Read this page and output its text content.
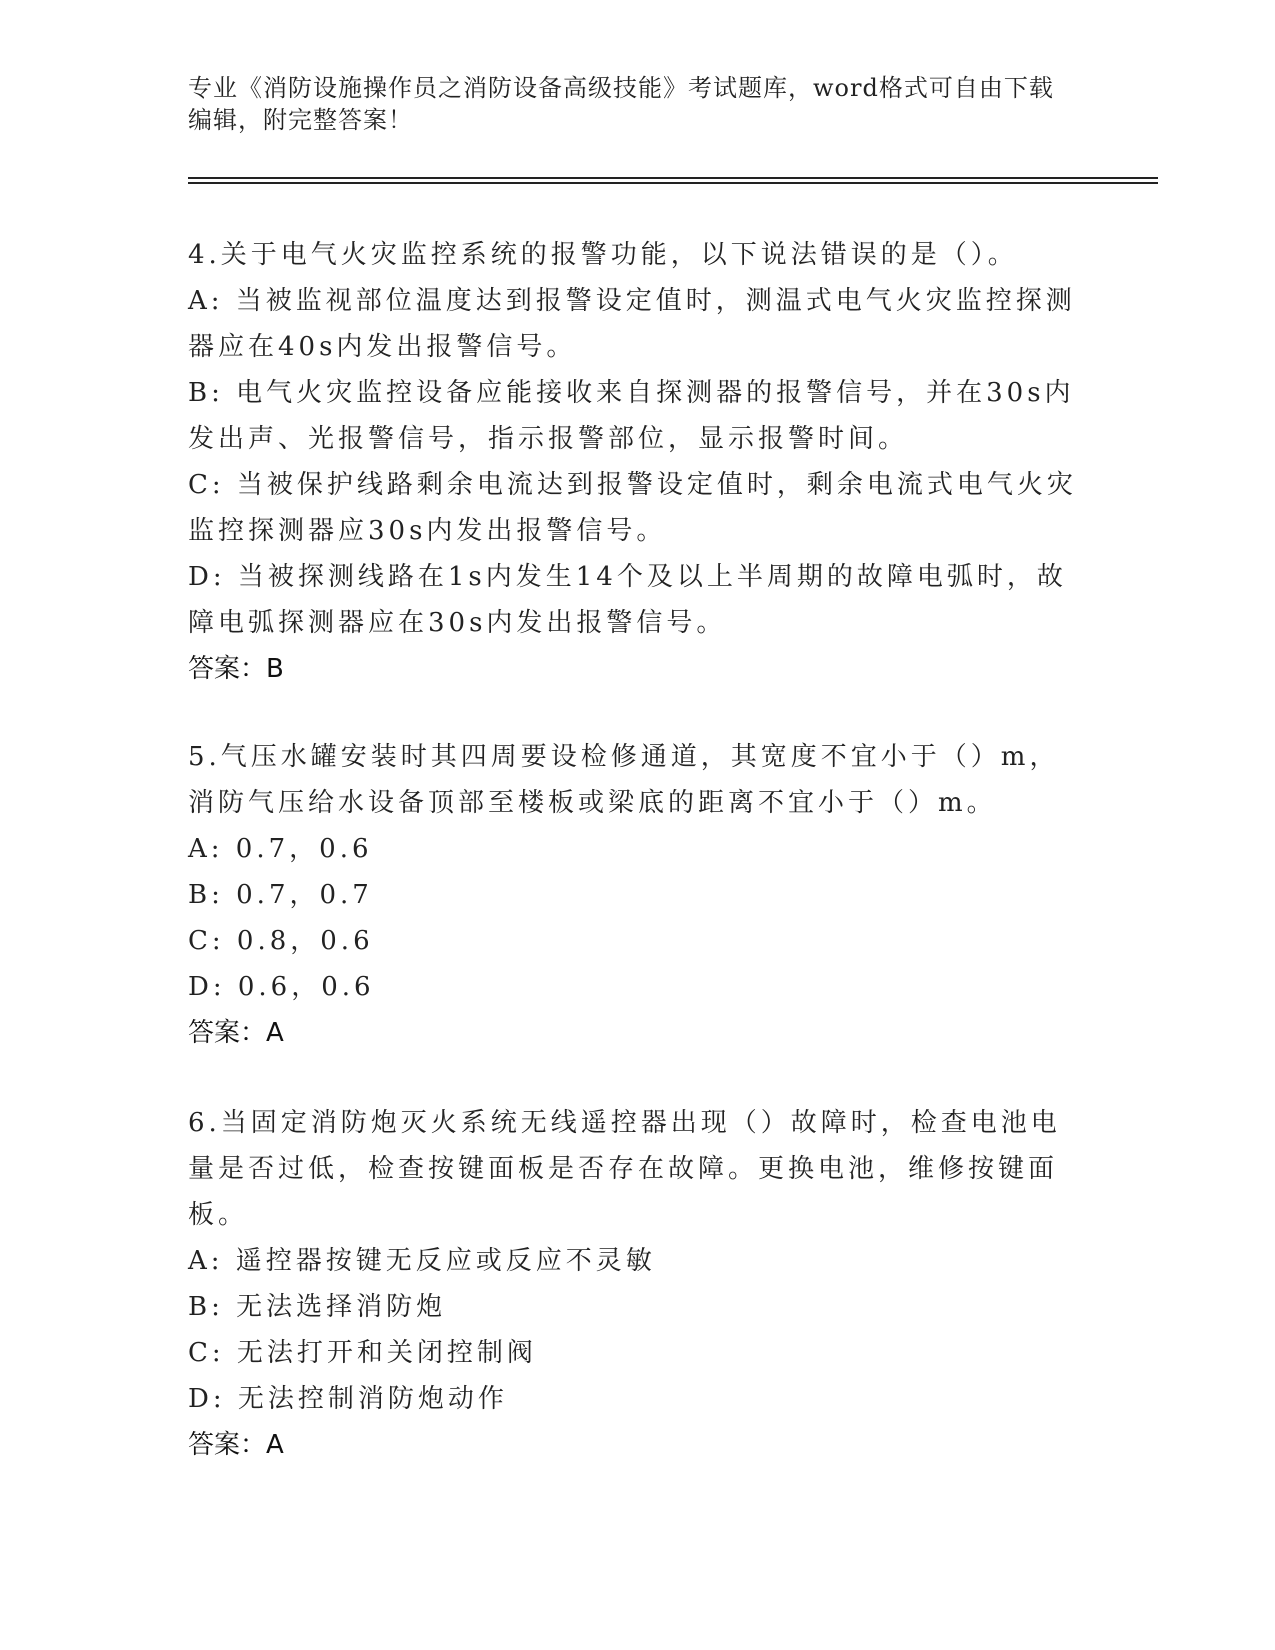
专业《消防设施操作员之消防设备高级技能》考试题库，word格式可自由下载编辑，附完整答案！
4.关于电气火灾监控系统的报警功能，以下说法错误的是（）。
A: 当被监视部位温度达到报警设定值时，测温式电气火灾监控探测器应在40s内发出报警信号。
B: 电气火灾监控设备应能接收来自探测器的报警信号，并在30s内发出声、光报警信号，指示报警部位，显示报警时间。
C: 当被保护线路剩余电流达到报警设定值时，剩余电流式电气火灾监控探测器应30s内发出报警信号。
D: 当被探测线路在1s内发生14个及以上半周期的故障电弧时，故障电弧探测器应在30s内发出报警信号。
答案：B
5.气压水罐安装时其四周要设检修通道，其宽度不宜小于（）m，消防气压给水设备顶部至楼板或梁底的距离不宜小于（）m。
A: 0.7，0.6
B: 0.7，0.7
C: 0.8，0.6
D: 0.6，0.6
答案：A
6.当固定消防炮灭火系统无线遥控器出现（）故障时，检查电池电量是否过低，检查按键面板是否存在故障。更换电池，维修按键面板。
A: 遥控器按键无反应或反应不灵敏
B: 无法选择消防炮
C: 无法打开和关闭控制阀
D: 无法控制消防炮动作
答案：A
